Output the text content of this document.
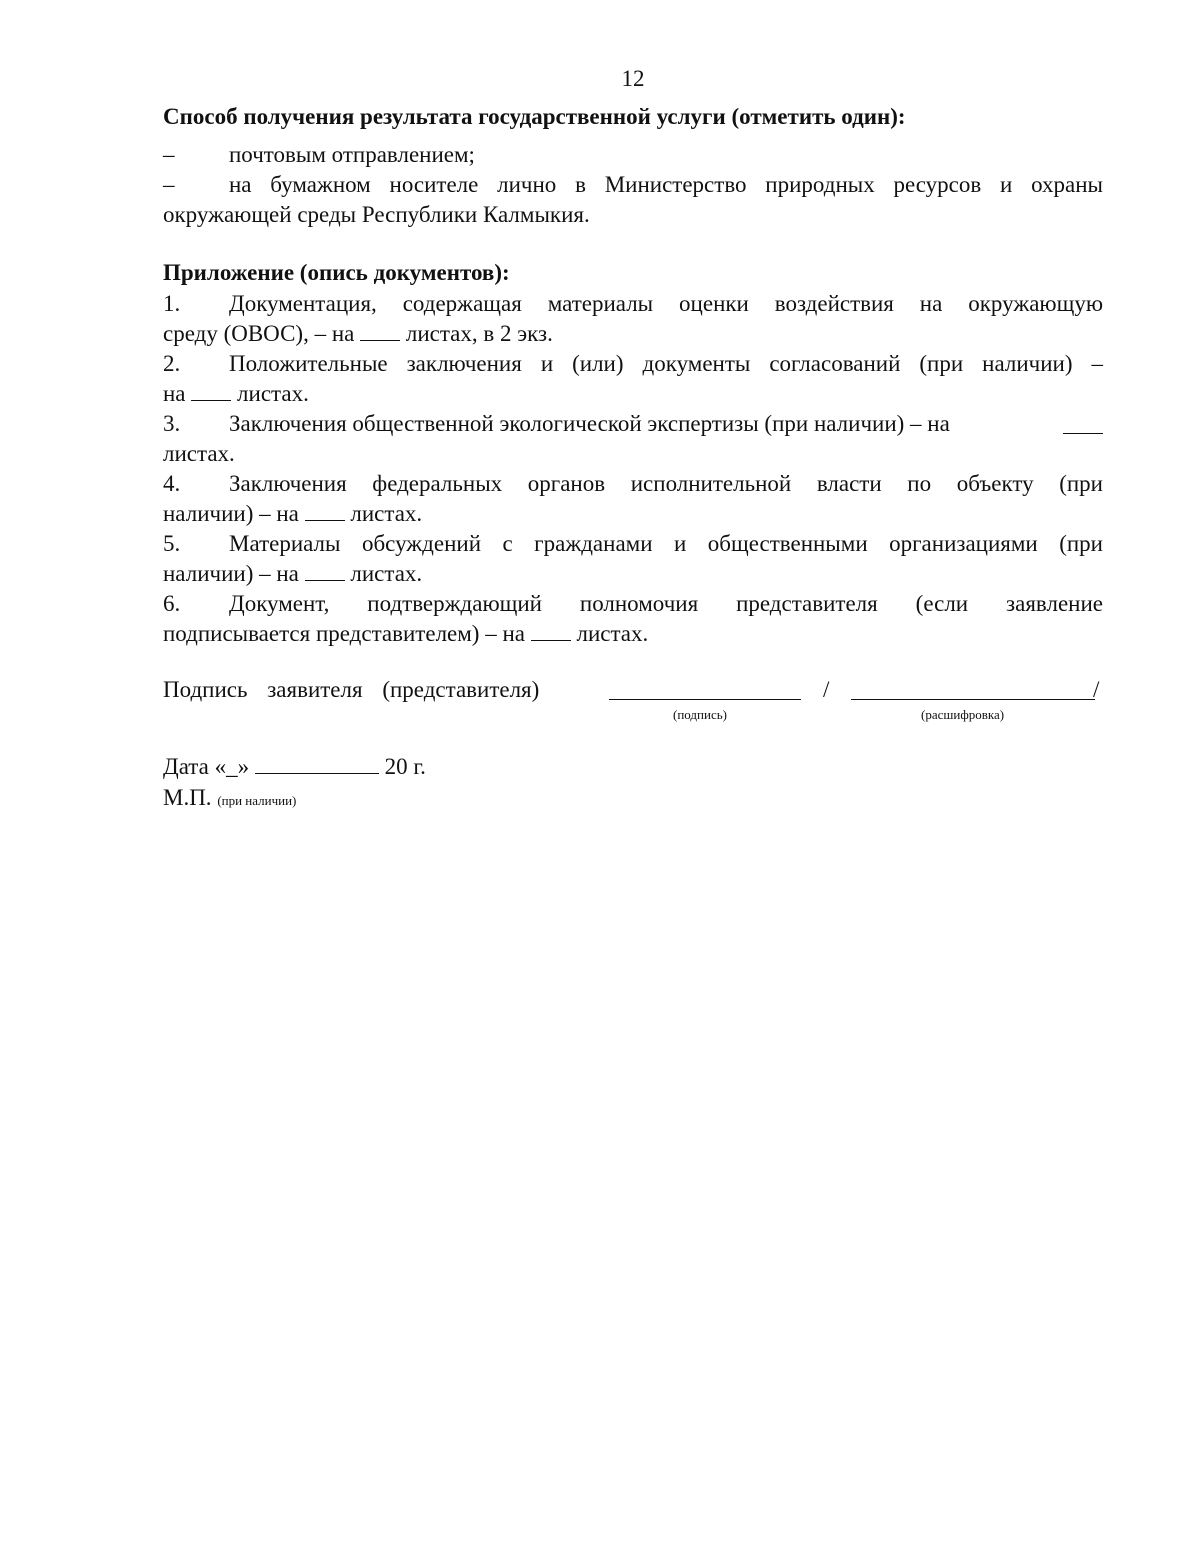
12
Способ получения результата государственной услуги (отметить один):
– почтовым отправлением;
– на бумажном носителе лично в Министерство природных ресурсов и охраны
окружающей среды Республики Калмыкия.
Приложение (опись документов):
1. Документация, содержащая материалы оценки воздействия на окружающую
среду (ОВОС), – на листах, в 2 экз.
2. Положительные заключения и (или) документы согласований (при наличии) –
на листах.
3. Заключения общественной экологической экспертизы (при наличии) – на
листах.
4. Заключения федеральных органов исполнительной власти по объекту (при
наличии) – на листах.
5. Материалы обсуждений с гражданами и общественными организациями (при
наличии) – на листах.
6. Документ, подтверждающий полномочия представителя (если заявление
подписывается представителем) – на листах.
Подпись заявителя (представителя)	/	/
(подпись)	(расшифровка)
Дата «_»	20 г.
М.П. (при наличии)
